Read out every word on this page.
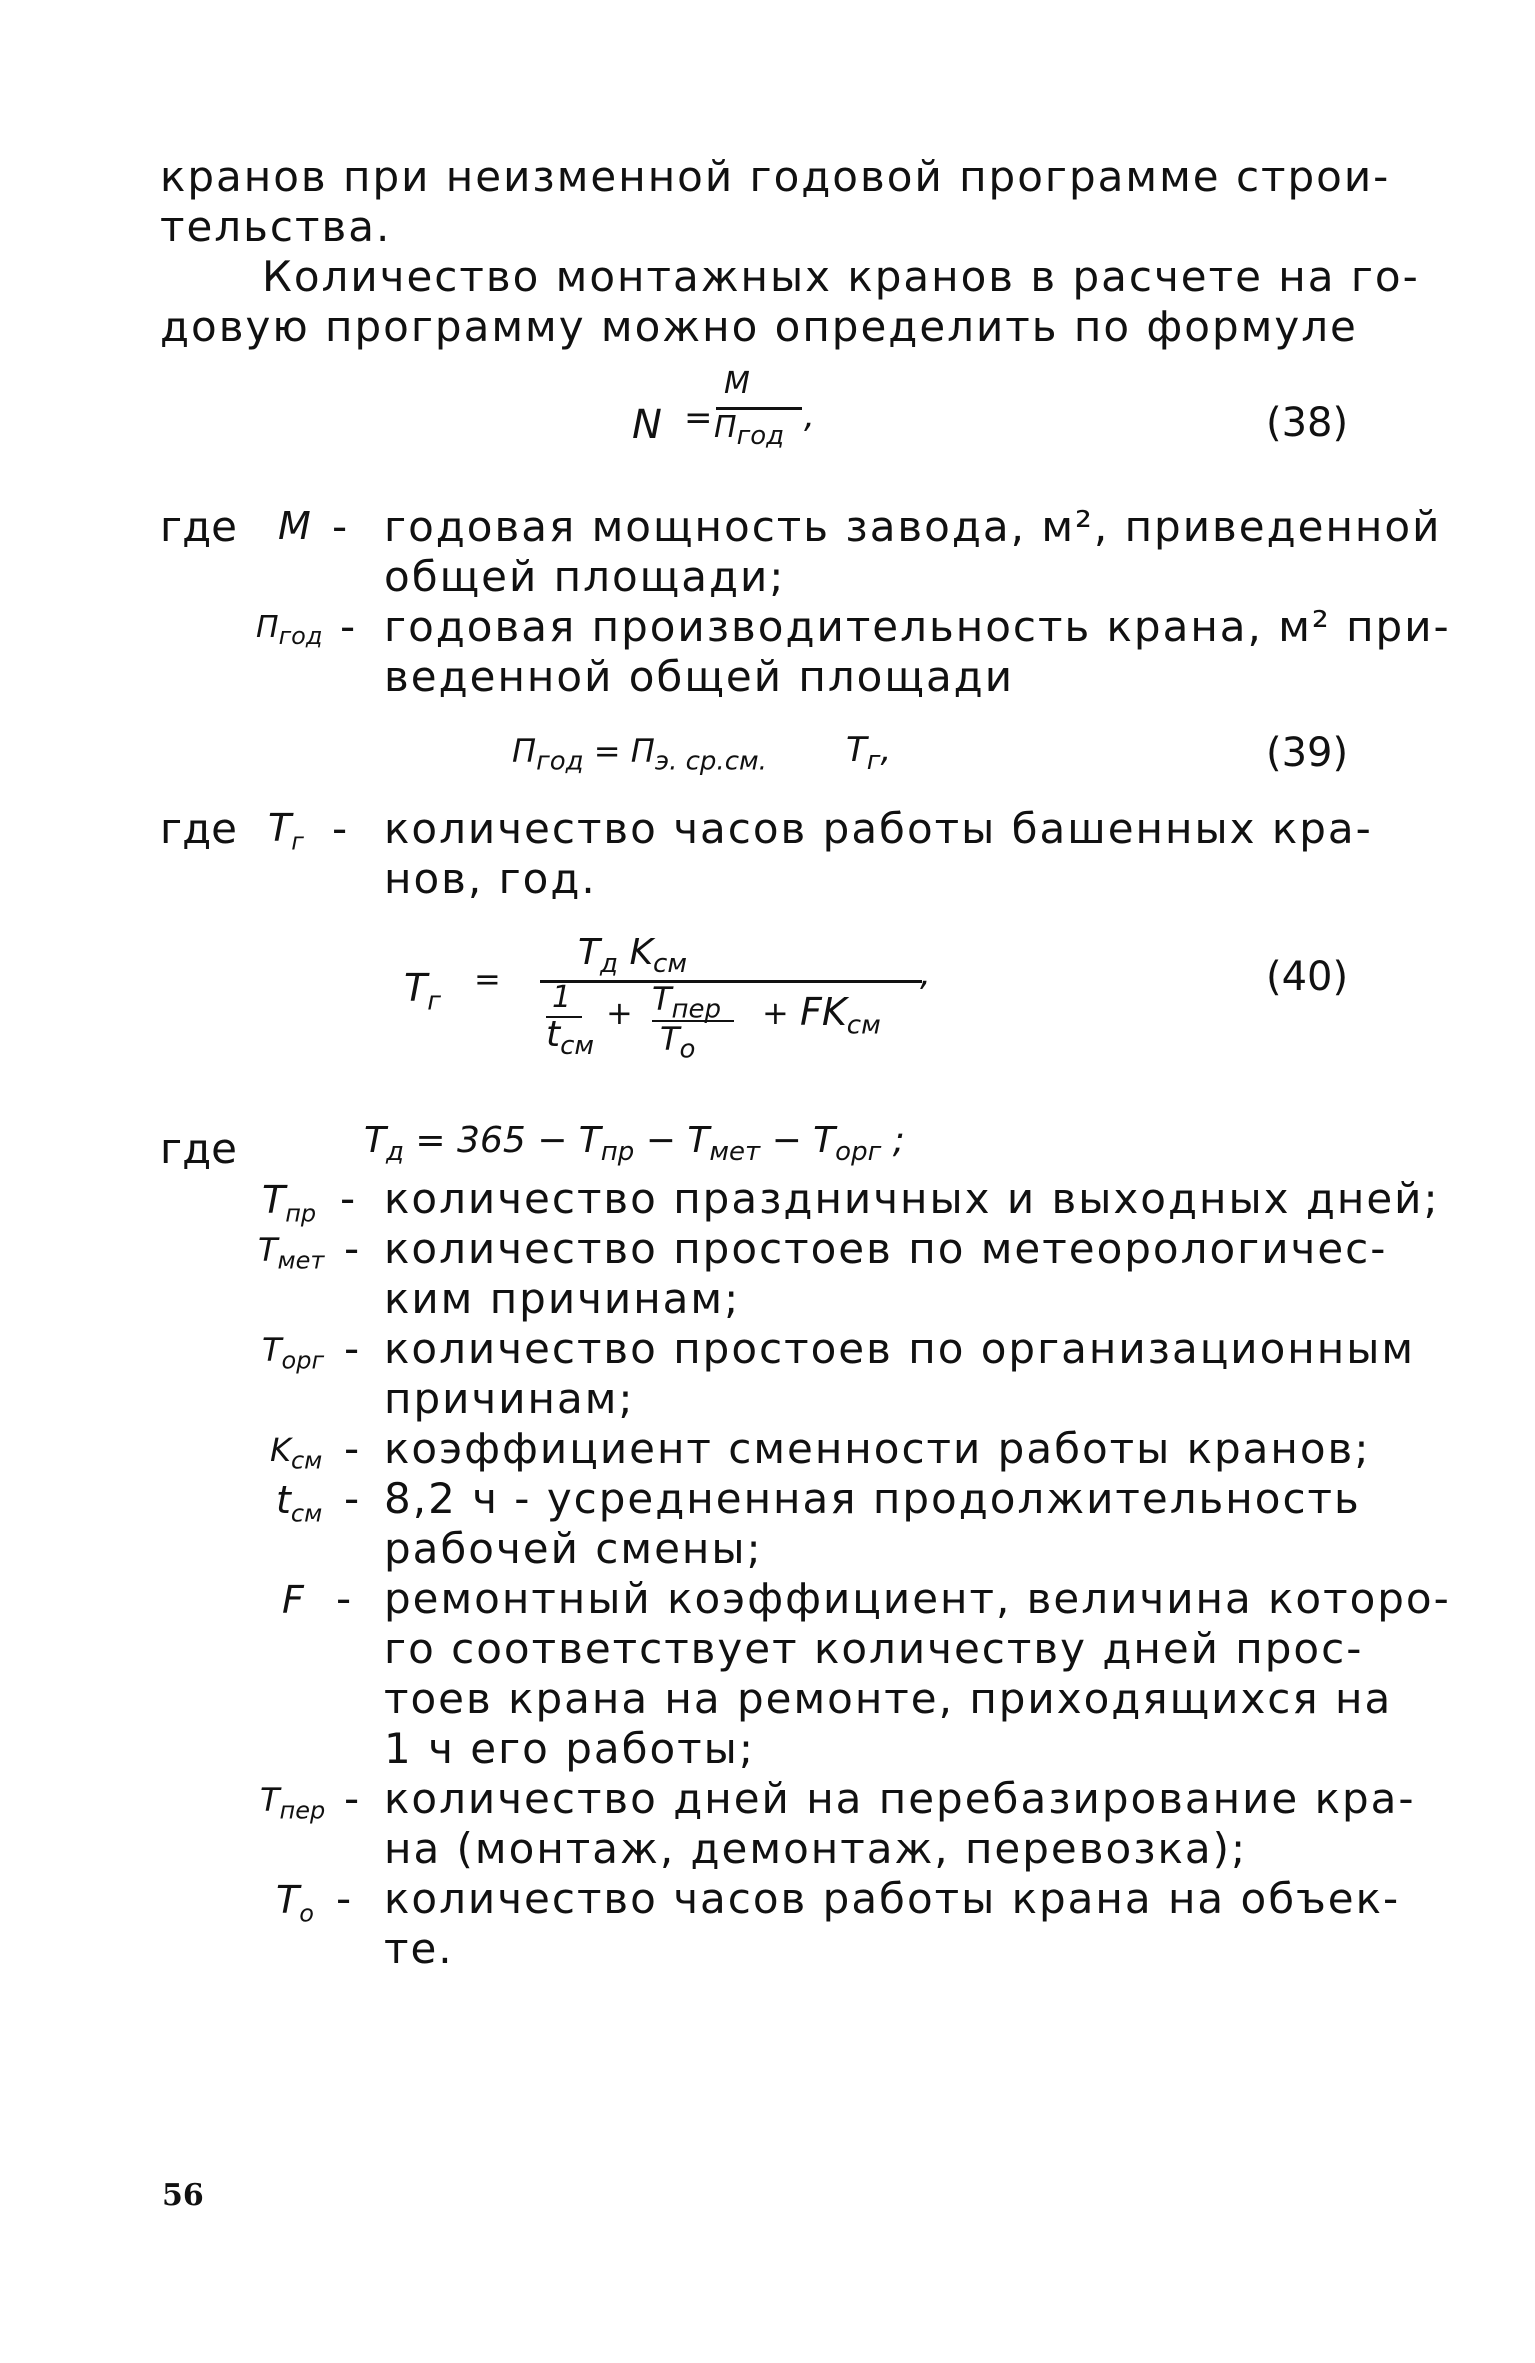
кранов при неизменной годовой программе строи-
тельства.
Количество монтажных кранов в расчете на го-
довую программу можно определить по формуле
N =
M
$П_{год}$ ,	(38)
где M - годовая мощность завода, м², приведенной
общей площади;
$П_{год}$ - годовая производительность крана, м² при-
веденной общей площади
$П_{год} = П_{э. ср.см.}$ $T_г$,	(39)
где $T_г$ - количество часов работы башенных кра-
нов, год.
$T_г$
=
$T_д$ $K_{см}$	,
1
$t_{см}$
+ $T_{пер}$
$T_о$
+ $FK_{см}$
(40)
где	$T_д = 365 - T_{пр} - T_{мет} - T_{орг}$ ;
$T_{пр}$ - количество праздничных и выходных дней;
$T_{мет}$ - количество простоев по метеорологичес-
ким причинам;
$T_{орг}$ - количество простоев по организационным
причинам;
$K_{см}$ - коэффициент сменности работы кранов;
$t_{см} - 8,2$ ч - усредненная продолжительность
рабочей смены;
F - ремонтный коэффициент, величина которо-
го соответствует количеству дней прос-
тоев крана на ремонте, приходящихся на
1 ч его работы;
$T_{пер}$ - количество дней на перебазирование кра-
на (монтаж, демонтаж, перевозка);
$T_о$ - количество часов работы крана на объек-
те.
56
